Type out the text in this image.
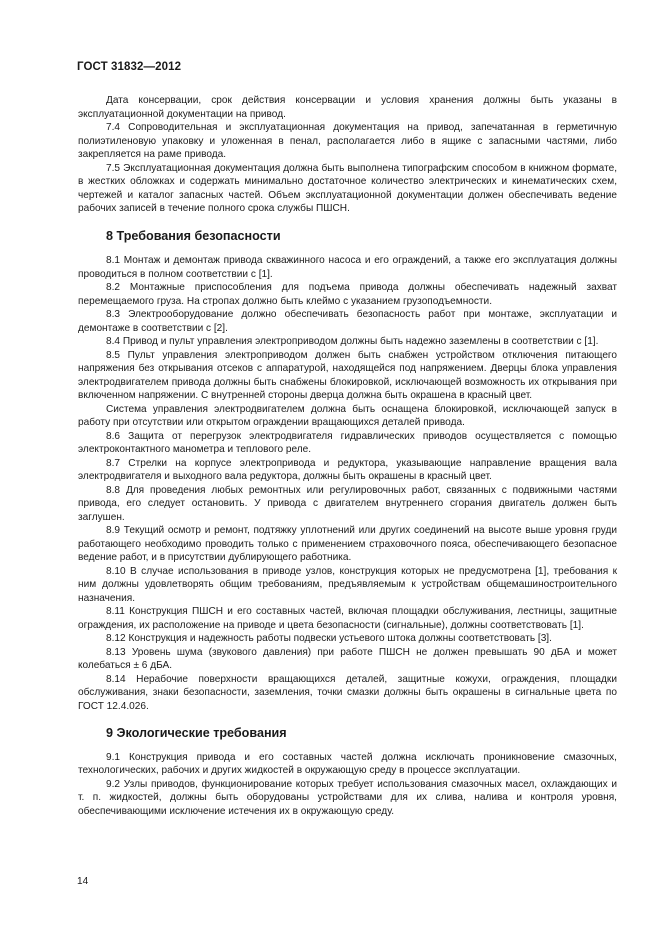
ГОСТ 31832—2012

Дата консервации, срок действия консервации и условия хранения должны быть указаны в эксплуатационной документации на привод.

7.4 Сопроводительная и эксплуатационная документация на привод, запечатанная в герметичную полиэтиленовую упаковку и уложенная в пенал, располагается либо в ящике с запасными частями, либо закрепляется на раме привода.

7.5 Эксплуатационная документация должна быть выполнена типографским способом в книжном формате, в жестких обложках и содержать минимально достаточное количество электрических и кинематических схем, чертежей и каталог запасных частей. Объем эксплуатационной документации должен обеспечивать ведение рабочих записей в течение полного срока службы ПШСН.

8 Требования безопасности

8.1 Монтаж и демонтаж привода скважинного насоса и его ограждений, а также его эксплуатация должны проводиться в полном соответствии с [1].

8.2 Монтажные приспособления для подъема привода должны обеспечивать надежный захват перемещаемого груза. На стропах должно быть клеймо с указанием грузоподъемности.

8.3 Электрооборудование должно обеспечивать безопасность работ при монтаже, эксплуатации и демонтаже в соответствии с [2].

8.4 Привод и пульт управления электроприводом должны быть надежно заземлены в соответствии с [1].

8.5 Пульт управления электроприводом должен быть снабжен устройством отключения питающего напряжения без открывания отсеков с аппаратурой, находящейся под напряжением. Дверцы блока управления электродвигателем привода должны быть снабжены блокировкой, исключающей возможность их открывания при включенном напряжении. С внутренней стороны дверца должна быть окрашена в красный цвет.

Система управления электродвигателем должна быть оснащена блокировкой, исключающей запуск в работу при отсутствии или открытом ограждении вращающихся деталей привода.

8.6 Защита от перегрузок электродвигателя гидравлических приводов осуществляется с помощью электроконтактного манометра и теплового реле.

8.7 Стрелки на корпусе электропривода и редуктора, указывающие направление вращения вала электродвигателя и выходного вала редуктора, должны быть окрашены в красный цвет.

8.8 Для проведения любых ремонтных или регулировочных работ, связанных с подвижными частями привода, его следует остановить. У привода с двигателем внутреннего сгорания двигатель должен быть заглушен.

8.9 Текущий осмотр и ремонт, подтяжку уплотнений или других соединений на высоте выше уровня груди работающего необходимо проводить только с применением страховочного пояса, обеспечивающего безопасное ведение работ, и в присутствии дублирующего работника.

8.10 В случае использования в приводе узлов, конструкция которых не предусмотрена [1], требования к ним должны удовлетворять общим требованиям, предъявляемым к устройствам общемашиностроительного назначения.

8.11 Конструкция ПШСН и его составных частей, включая площадки обслуживания, лестницы, защитные ограждения, их расположение на приводе и цвета безопасности (сигнальные), должны соответствовать [1].

8.12 Конструкция и надежность работы подвески устьевого штока должны соответствовать [3].

8.13 Уровень шума (звукового давления) при работе ПШСН не должен превышать 90 дБА и может колебаться ± 6 дБА.

8.14 Нерабочие поверхности вращающихся деталей, защитные кожухи, ограждения, площадки обслуживания, знаки безопасности, заземления, точки смазки должны быть окрашены в сигнальные цвета по ГОСТ 12.4.026.

9 Экологические требования

9.1 Конструкция привода и его составных частей должна исключать проникновение смазочных, технологических, рабочих и других жидкостей в окружающую среду в процессе эксплуатации.

9.2 Узлы приводов, функционирование которых требует использования смазочных масел, охлаждающих и т. п. жидкостей, должны быть оборудованы устройствами для их слива, налива и контроля уровня, обеспечивающими исключение истечения их в окружающую среду.

14
